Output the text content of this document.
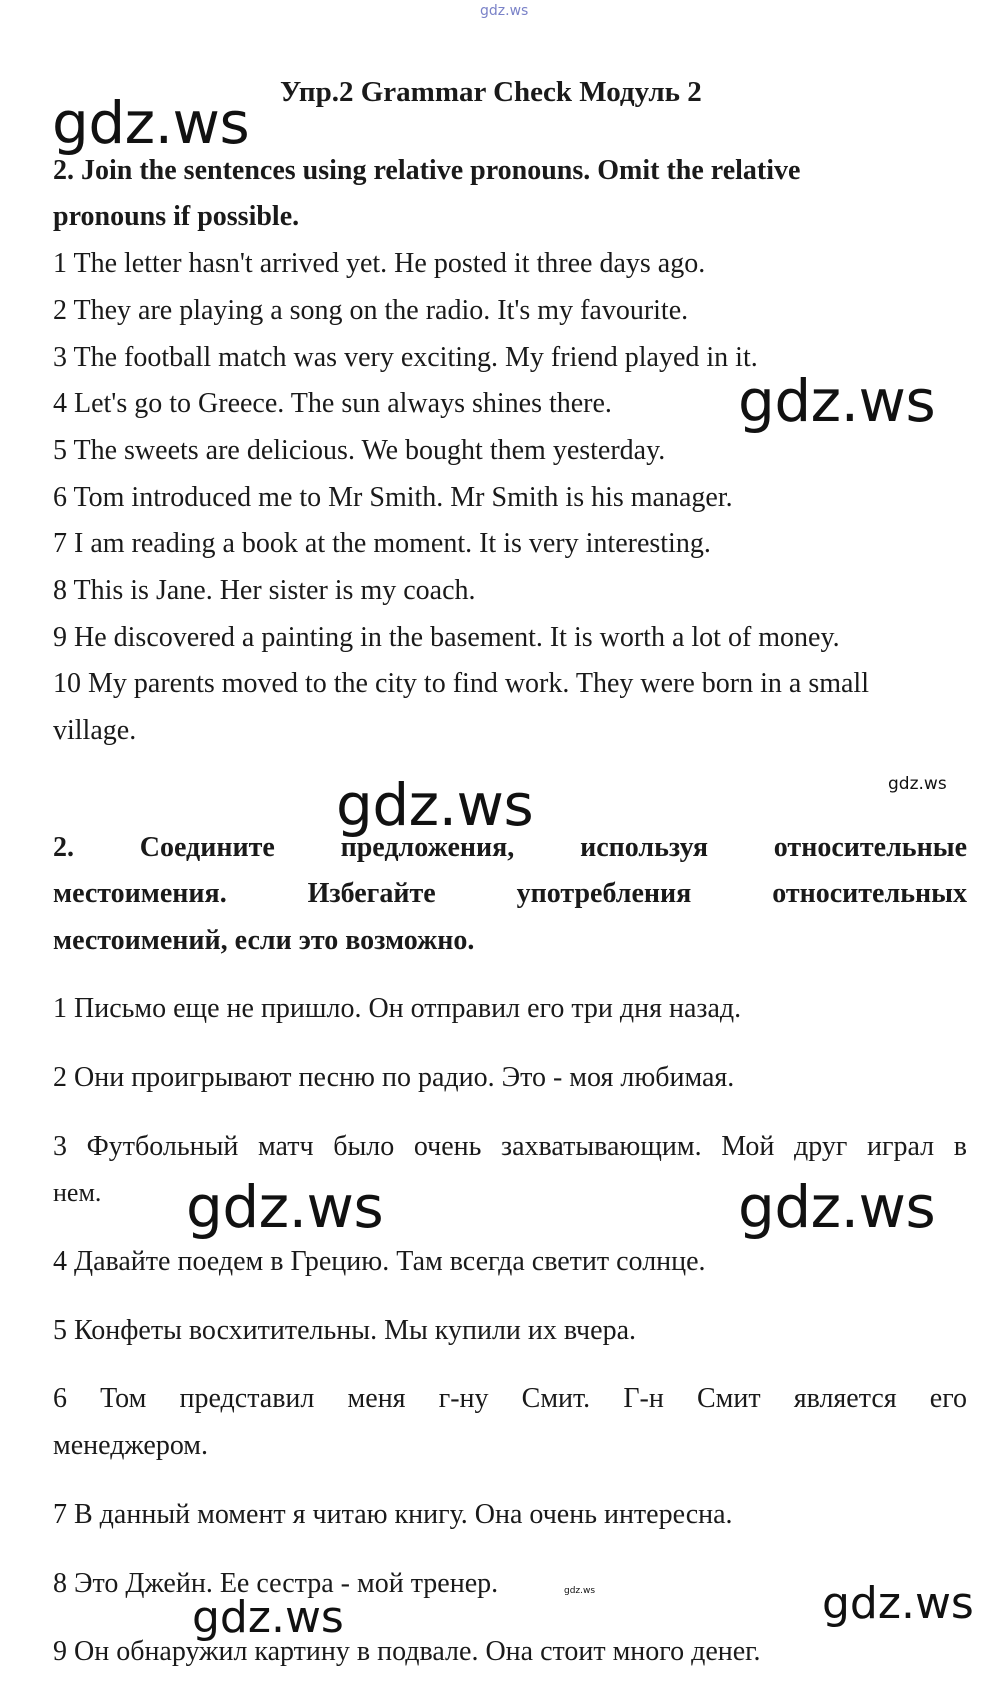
gdz.ws
gdz.ws
gdz.ws
gdz.ws
gdz.ws
gdz.ws	gdz.ws
gdz.ws	gdz.ws
gdz.ws
Упр.2 Grammar Check Модуль 2
2. Join the sentences using relative pronouns. Omit the relative
pronouns if possible.
1 The letter hasn't arrived yet. He posted it three days ago.
2 They are playing a song on the radio. It's my favourite.
3 The football match was very exciting. My friend played in it.
4 Let's go to Greece. The sun always shines there.
5 The sweets are delicious. We bought them yesterday.
6 Tom introduced me to Mr Smith. Mr Smith is his manager.
7 I am reading a book at the moment. It is very interesting.
8 This is Jane. Her sister is my coach.
9 He discovered a painting in the basement. It is worth a lot of money.
10 My parents moved to the city to find work. They were born in a small
village.
2. Соедините предложения, используя относительные
местоимения. Избегайте употребления относительных
местоимений, если это возможно.
1 Письмо еще не пришло. Он отправил его три дня назад.
2 Они проигрывают песню по радио. Это - моя любимая.
3 Футбольный матч было очень захватывающим. Мой друг играл в
нем.
4 Давайте поедем в Грецию. Там всегда светит солнце.
5 Конфеты восхитительны. Мы купили их вчера.
6 Том представил меня г-ну Смит. Г-н Смит является его
менеджером.
7 В данный момент я читаю книгу. Она очень интересна.
8 Это Джейн. Ее сестра - мой тренер.
9 Он обнаружил картину в подвале. Она стоит много денег.
